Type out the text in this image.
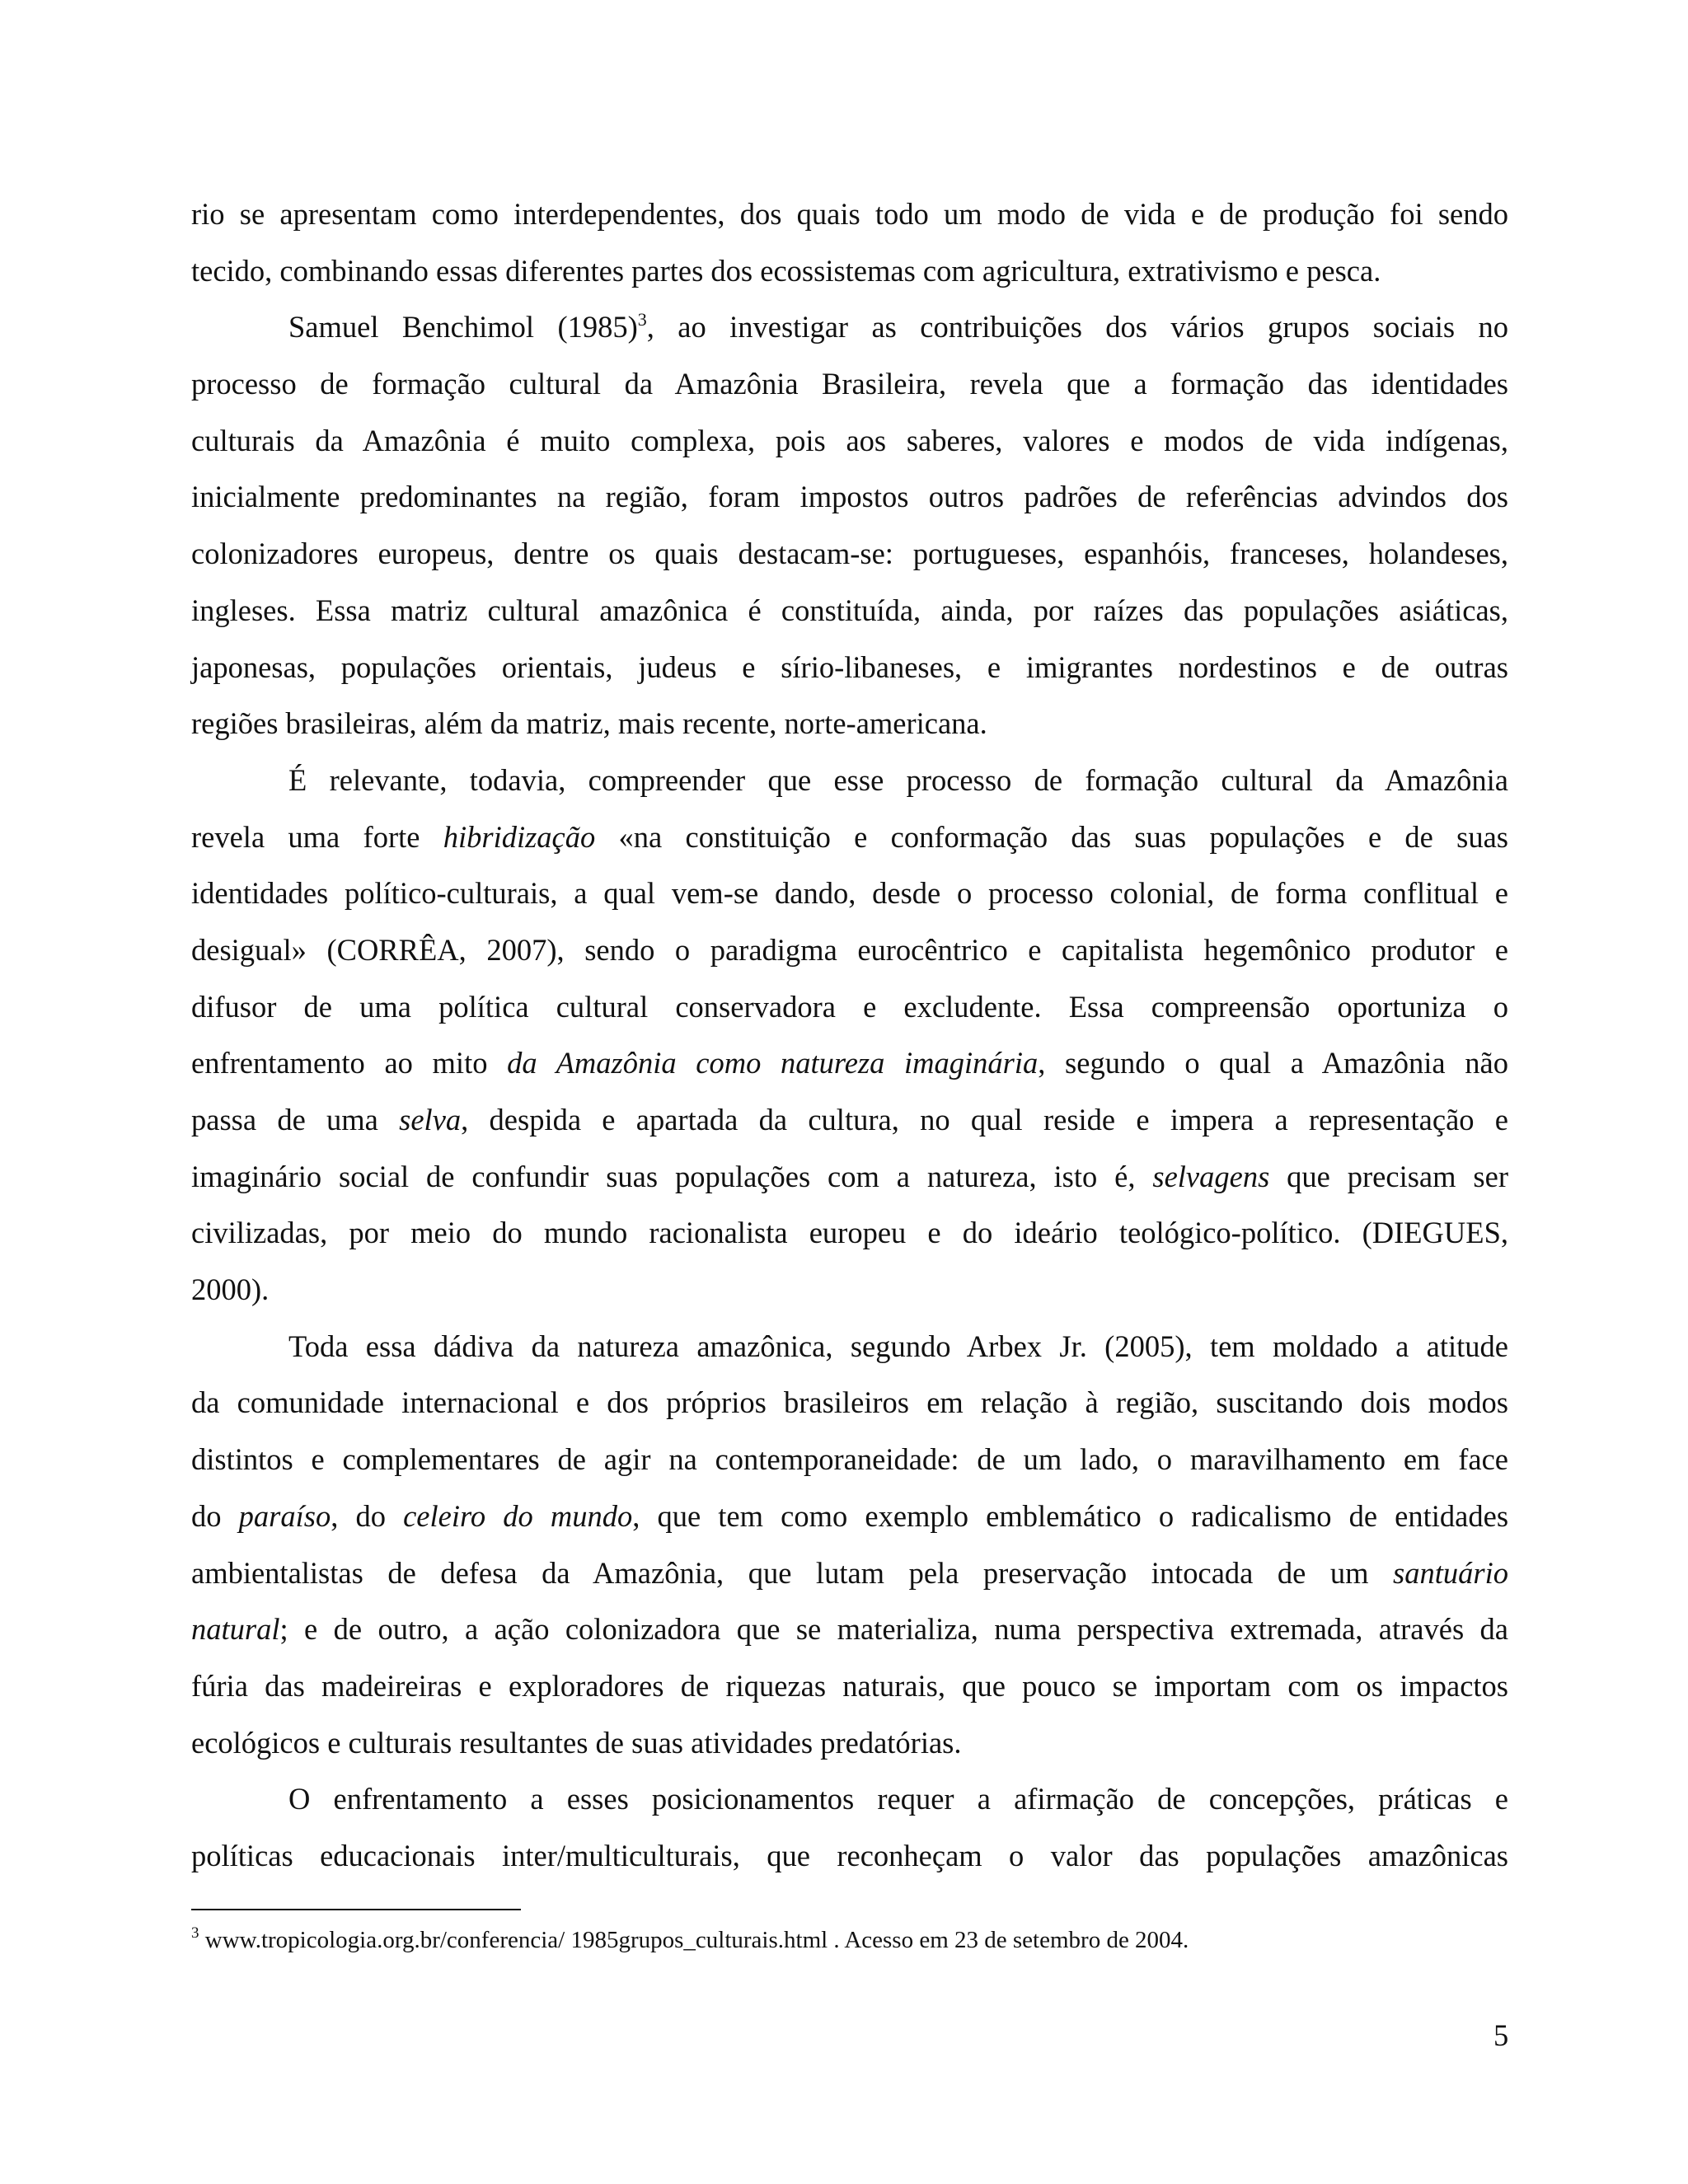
rio se apresentam como interdependentes, dos quais todo um modo de vida e de produção foi sendo
tecido, combinando essas diferentes partes dos ecossistemas com agricultura, extrativismo e pesca.
Samuel Benchimol $(1985)^3$, ao investigar as contribuições dos vários grupos sociais no
processo de formação cultural da Amazônia Brasileira, revela que a formação das identidades
culturais da Amazônia é muito complexa, pois aos saberes, valores e modos de vida indígenas,
inicialmente predominantes na região, foram impostos outros padrões de referências advindos dos
colonizadores europeus, dentre os quais destacam-se: portugueses, espanhóis, franceses, holandeses,
ingleses. Essa matriz cultural amazônica é constituída, ainda, por raízes das populações asiáticas,
japonesas, populações orientais, judeus e sírio-libaneses, e imigrantes nordestinos e de outras
regiões brasileiras, além da matriz, mais recente, norte-americana.
É relevante, todavia, compreender que esse processo de formação cultural da Amazônia
revela uma forte hibridização «na constituição e conformação das suas populações e de suas
identidades político-culturais, a qual vem-se dando, desde o processo colonial, de forma conflitual e
desigual» (CORRÊA, 2007), sendo o paradigma eurocêntrico e capitalista hegemônico produtor e
difusor de uma política cultural conservadora e excludente. Essa compreensão oportuniza o
enfrentamento ao mito da Amazônia como natureza imaginária, segundo o qual a Amazônia não
passa de uma selva, despida e apartada da cultura, no qual reside e impera a representação e
imaginário social de confundir suas populações com a natureza, isto é, selvagens que precisam ser
civilizadas, por meio do mundo racionalista europeu e do ideário teológico-político. (DIEGUES,
2000).
Toda essa dádiva da natureza amazônica, segundo Arbex Jr. (2005), tem moldado a atitude
da comunidade internacional e dos próprios brasileiros em relação à região, suscitando dois modos
distintos e complementares de agir na contemporaneidade: de um lado, o maravilhamento em face
do paraíso, do celeiro do mundo, que tem como exemplo emblemático o radicalismo de entidades
ambientalistas de defesa da Amazônia, que lutam pela preservação intocada de um santuário
natural; e de outro, a ação colonizadora que se materializa, numa perspectiva extremada, através da
fúria das madeireiras e exploradores de riquezas naturais, que pouco se importam com os impactos
ecológicos e culturais resultantes de suas atividades predatórias.
O enfrentamento a esses posicionamentos requer a afirmação de concepções, práticas e
políticas educacionais inter/multiculturais, que reconheçam o valor das populações amazônicas
$^3$ www.tropicologia.org.br/conferencia/ 1985grupos_culturais.html . Acesso em 23 de setembro de 2004.
5
